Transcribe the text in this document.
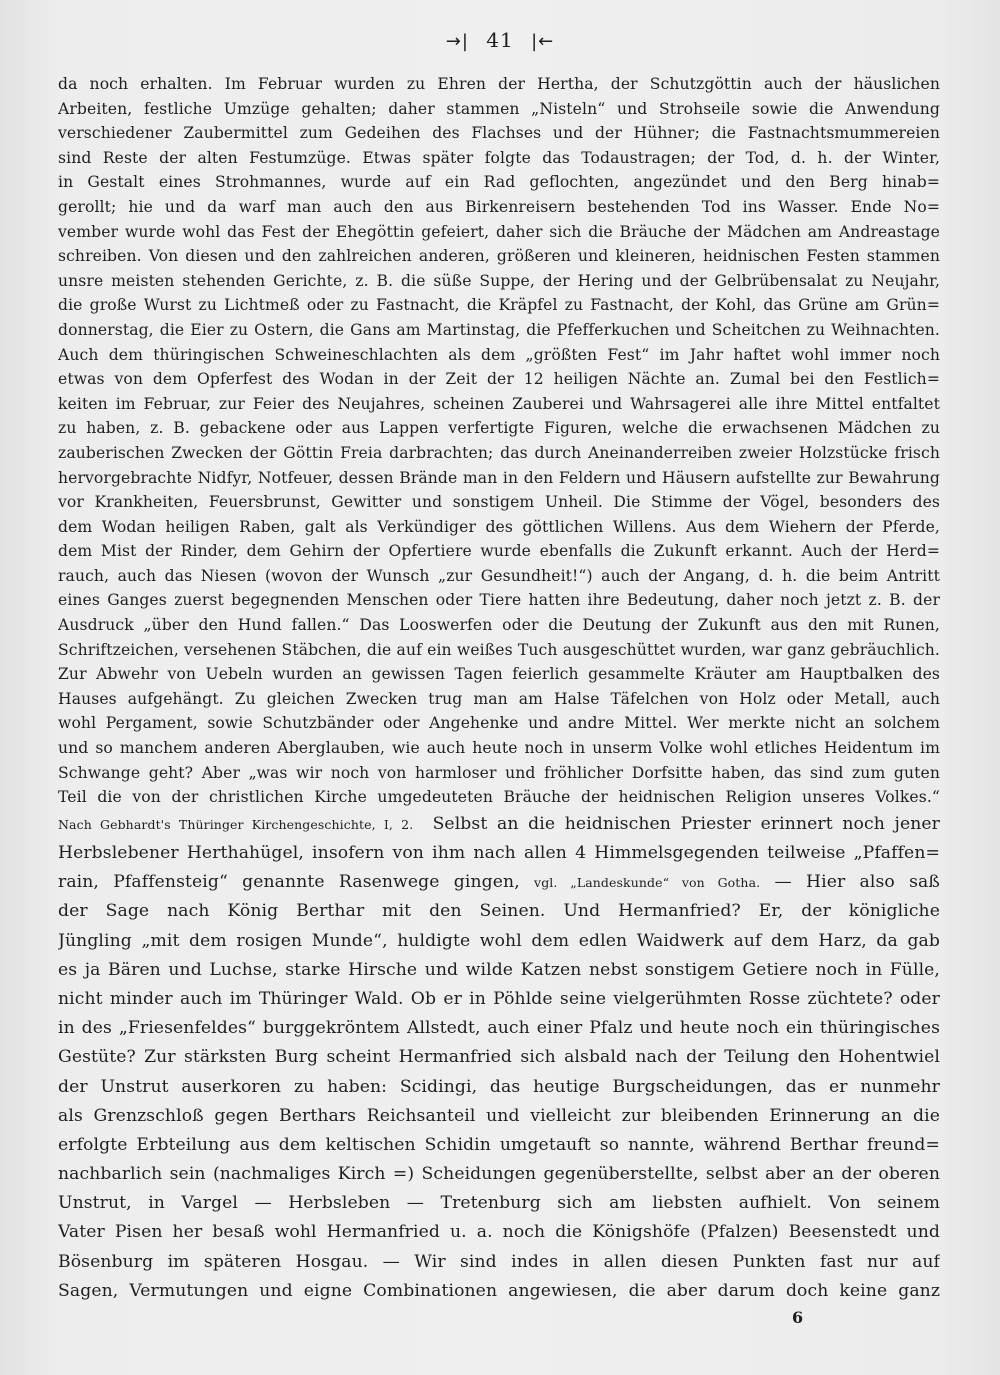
→| 41 |←
da noch erhalten. Im Februar wurden zu Ehren der Hertha, der Schutzgöttin auch der häuslichen
Arbeiten, festliche Umzüge gehalten; daher stammen „Nisteln“ und Strohseile sowie die Anwendung
verschiedener Zaubermittel zum Gedeihen des Flachses und der Hühner; die Fastnachtsmummereien
sind Reste der alten Festumzüge. Etwas später folgte das Todaustragen; der Tod, d. h. der Winter,
in Gestalt eines Strohmannes, wurde auf ein Rad geflochten, angezündet und den Berg hinab=
gerollt; hie und da warf man auch den aus Birkenreisern bestehenden Tod ins Wasser. Ende No=
vember wurde wohl das Fest der Ehegöttin gefeiert, daher sich die Bräuche der Mädchen am Andreastage
schreiben. Von diesen und den zahlreichen anderen, größeren und kleineren, heidnischen Festen stammen
unsre meisten stehenden Gerichte, z. B. die süße Suppe, der Hering und der Gelbrübensalat zu Neujahr,
die große Wurst zu Lichtmeß oder zu Fastnacht, die Kräpfel zu Fastnacht, der Kohl, das Grüne am Grün=
donnerstag, die Eier zu Ostern, die Gans am Martinstag, die Pfefferkuchen und Scheitchen zu Weihnachten.
Auch dem thüringischen Schweineschlachten als dem „größten Fest“ im Jahr haftet wohl immer noch
etwas von dem Opferfest des Wodan in der Zeit der 12 heiligen Nächte an. Zumal bei den Festlich=
keiten im Februar, zur Feier des Neujahres, scheinen Zauberei und Wahrsagerei alle ihre Mittel entfaltet
zu haben, z. B. gebackene oder aus Lappen verfertigte Figuren, welche die erwachsenen Mädchen zu
zauberischen Zwecken der Göttin Freia darbrachten; das durch Aneinanderreiben zweier Holzstücke frisch
hervorgebrachte Nidfyr, Notfeuer, dessen Brände man in den Feldern und Häusern aufstellte zur Bewahrung
vor Krankheiten, Feuersbrunst, Gewitter und sonstigem Unheil. Die Stimme der Vögel, besonders des
dem Wodan heiligen Raben, galt als Verkündiger des göttlichen Willens. Aus dem Wiehern der Pferde,
dem Mist der Rinder, dem Gehirn der Opfertiere wurde ebenfalls die Zukunft erkannt. Auch der Herd=
rauch, auch das Niesen (wovon der Wunsch „zur Gesundheit!“) auch der Angang, d. h. die beim Antritt
eines Ganges zuerst begegnenden Menschen oder Tiere hatten ihre Bedeutung, daher noch jetzt z. B. der
Ausdruck „über den Hund fallen.“ Das Looswerfen oder die Deutung der Zukunft aus den mit Runen,
Schriftzeichen, versehenen Stäbchen, die auf ein weißes Tuch ausgeschüttet wurden, war ganz gebräuchlich.
Zur Abwehr von Uebeln wurden an gewissen Tagen feierlich gesammelte Kräuter am Hauptbalken des
Hauses aufgehängt. Zu gleichen Zwecken trug man am Halse Täfelchen von Holz oder Metall, auch
wohl Pergament, sowie Schutzbänder oder Angehenke und andre Mittel. Wer merkte nicht an solchem
und so manchem anderen Aberglauben, wie auch heute noch in unserm Volke wohl etliches Heidentum im
Schwange geht? Aber „was wir noch von harmloser und fröhlicher Dorfsitte haben, das sind zum guten
Teil die von der christlichen Kirche umgedeuteten Bräuche der heidnischen Religion unseres Volkes.“
Nach Gebhardt's Thüringer Kirchengeschichte, I, 2. Selbst an die heidnischen Priester erinnert noch jener
Herbslebener Herthahügel, insofern von ihm nach allen 4 Himmelsgegenden teilweise „Pfaffen=
rain, Pfaffensteig“ genannte Rasenwege gingen, vgl. „Landeskunde“ von Gotha. — Hier also saß
der Sage nach König Berthar mit den Seinen. Und Hermanfried? Er, der königliche
Jüngling „mit dem rosigen Munde“, huldigte wohl dem edlen Waidwerk auf dem Harz, da gab
es ja Bären und Luchse, starke Hirsche und wilde Katzen nebst sonstigem Getiere noch in Fülle,
nicht minder auch im Thüringer Wald. Ob er in Pöhlde seine vielgerühmten Rosse züchtete? oder
in des „Friesenfeldes“ burggekröntem Allstedt, auch einer Pfalz und heute noch ein thüringisches
Gestüte? Zur stärksten Burg scheint Hermanfried sich alsbald nach der Teilung den Hohentwiel
der Unstrut auserkoren zu haben: Scidingi, das heutige Burgscheidungen, das er nunmehr
als Grenzschloß gegen Berthars Reichsanteil und vielleicht zur bleibenden Erinnerung an die
erfolgte Erbteilung aus dem keltischen Schidin umgetauft so nannte, während Berthar freund=
nachbarlich sein (nachmaliges Kirch =) Scheidungen gegenüberstellte, selbst aber an der oberen
Unstrut, in Vargel — Herbsleben — Tretenburg sich am liebsten aufhielt. Von seinem
Vater Pisen her besaß wohl Hermanfried u. a. noch die Königshöfe (Pfalzen) Beesenstedt und
Bösenburg im späteren Hosgau. — Wir sind indes in allen diesen Punkten fast nur auf
Sagen, Vermutungen und eigne Combinationen angewiesen, die aber darum doch keine ganz
6
